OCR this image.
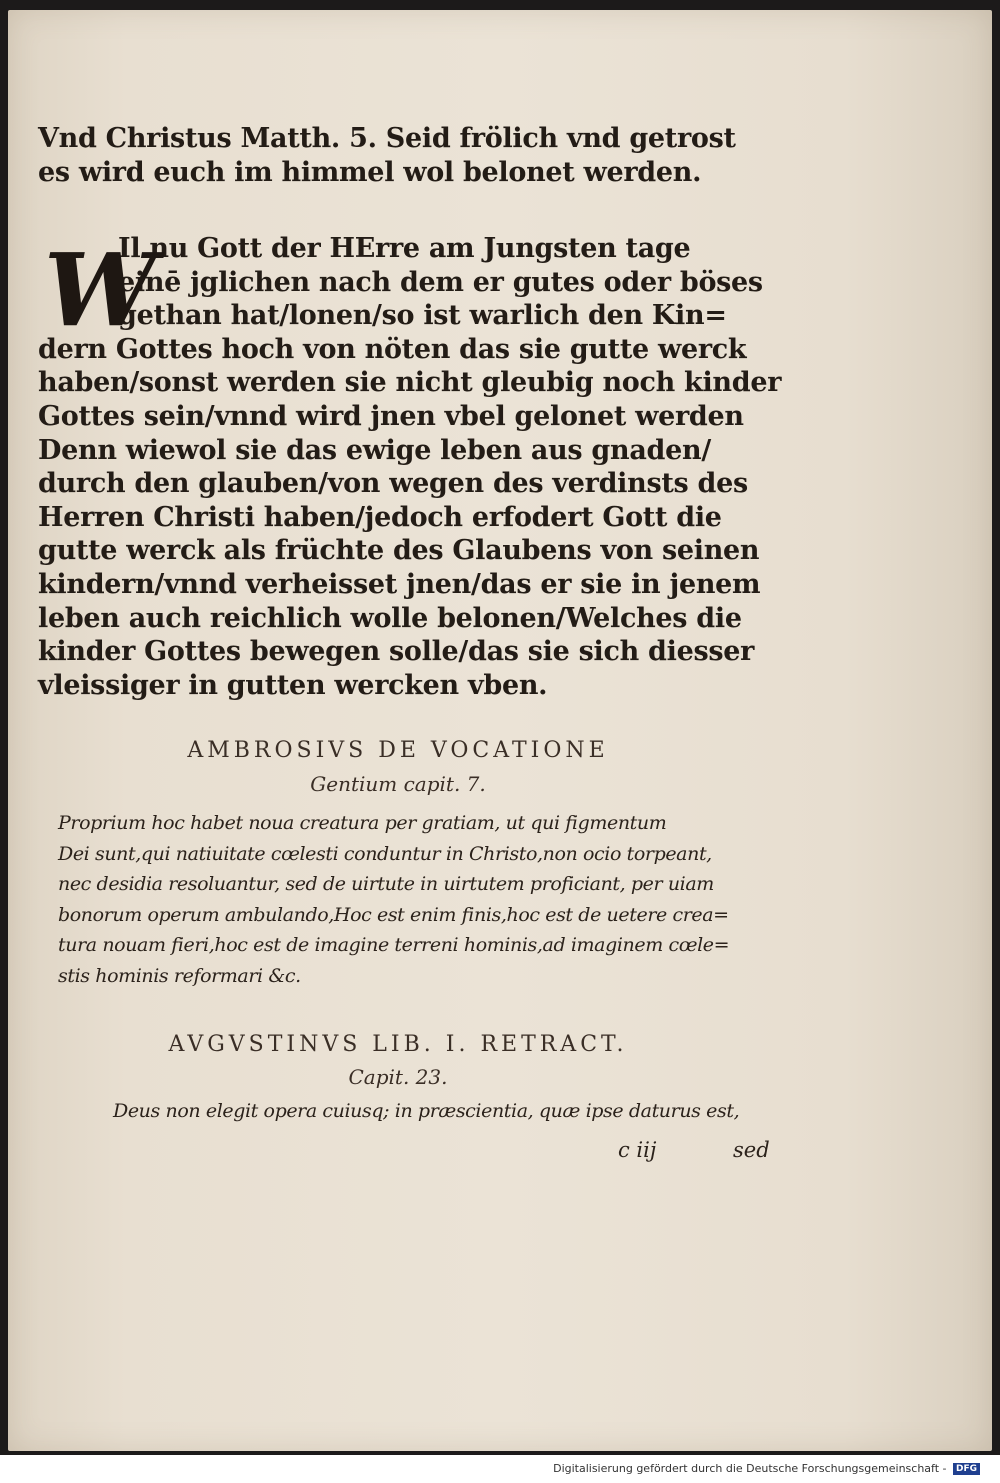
Vnd Christus Matth. 5. Seid frölich vnd getrost
es wird euch im himmel wol belonet werden.
Il nu Gott der HErre am Jungsten tage
einē jglichen nach dem er gutes oder böses
gethan hat/lonen/so ist warlich den Kin=
dern Gottes hoch von nöten das sie gutte werck
haben/sonst werden sie nicht gleubig noch kinder
Gottes sein/vnnd wird jnen vbel gelonet werden
Denn wiewol sie das ewige leben aus gnaden/
durch den glauben/von wegen des verdinsts des
Herren Christi haben/jedoch erfodert Gott die
gutte werck als früchte des Glaubens von seinen
kindern/vnnd verheisset jnen/das er sie in jenem
leben auch reichlich wolle belonen/Welches die
kinder Gottes bewegen solle/das sie sich diesser
vleissiger in gutten wercken vben.
W
AMBROSIVS DE VOCATIONE
Gentium capit. 7.
Proprium hoc habet noua creatura per gratiam, ut qui figmentum
Dei sunt,qui natiuitate cœlesti conduntur in Christo,non ocio torpeant,
nec desidia resoluantur, sed de uirtute in uirtutem proficiant, per uiam
bonorum operum ambulando,Hoc est enim finis,hoc est de uetere crea=
tura nouam fieri,hoc est de imagine terreni hominis,ad imaginem cœle=
stis hominis reformari &c.
AVGVSTINVS LIB. I. RETRACT.
Capit. 23.
Deus non elegit opera cuiusq; in præscientia, quæ ipse daturus est,
c iij	sed
Digitalisierung gefördert durch die Deutsche Forschungsgemeinschaft - DFG
